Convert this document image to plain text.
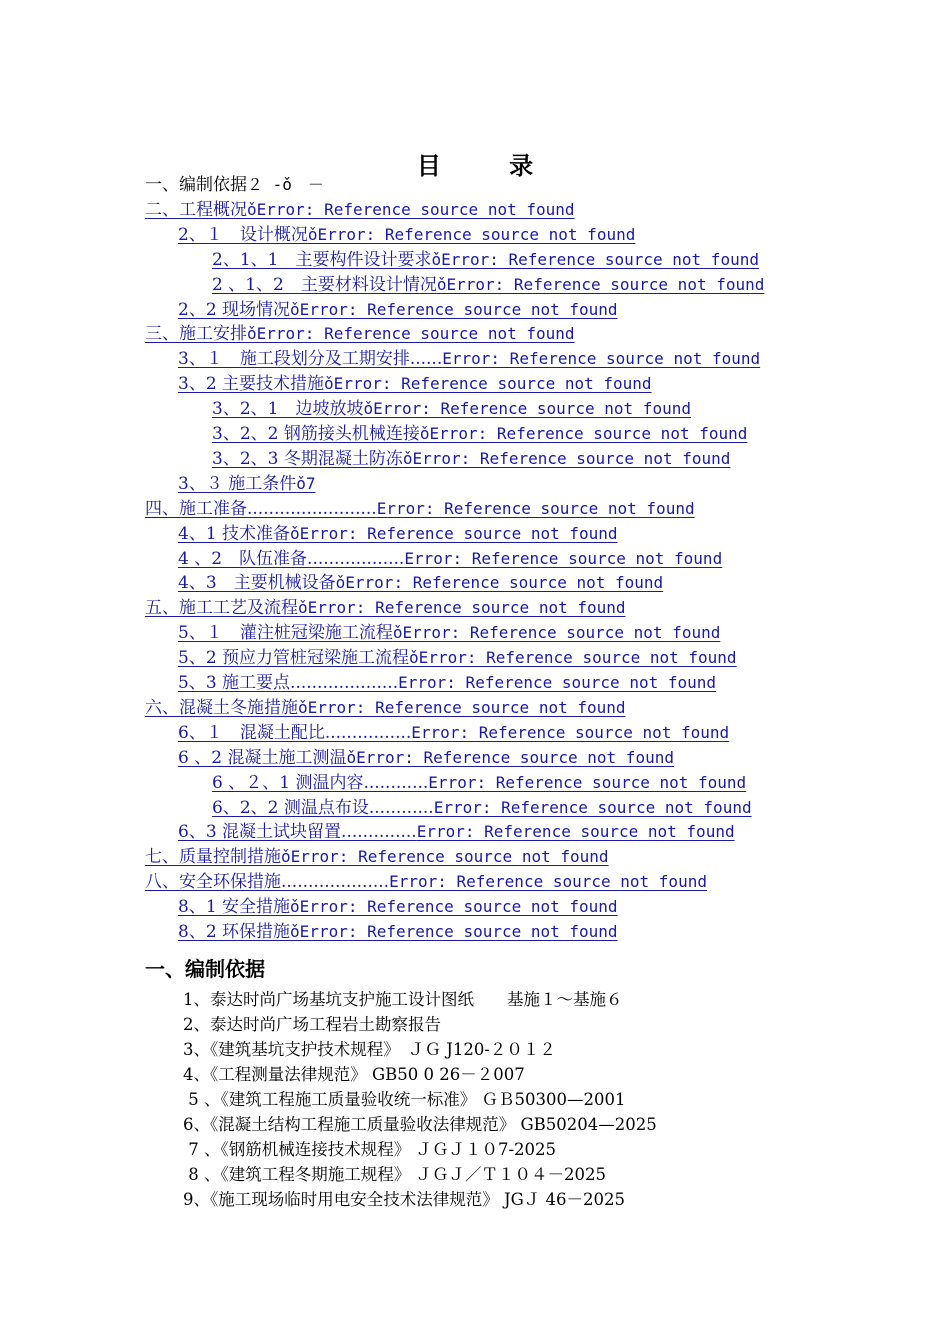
目 录
一、编制依据２ -ǒ　－
二、工程概况ǒError: Reference source not found
2、１　设计概况ǒError: Reference source not found
2、1、1　主要构件设计要求ǒError: Reference source not found
2 、1、2　主要材料设计情况ǒError: Reference source not found
2、2 现场情况ǒError: Reference source not found
三、施工安排ǒError: Reference source not found
3、１　施工段划分及工期安排......Error: Reference source not found
3、2 主要技术措施ǒError: Reference source not found
3、2、1　边坡放坡ǒError: Reference source not found
3、2、2 钢筋接头机械连接ǒError: Reference source not found
3、2、3 冬期混凝土防冻ǒError: Reference source not found
3、３ 施工条件ǒ7
四、施工准备........................Error: Reference source not found
4、1 技术准备ǒError: Reference source not found
4 、2　队伍准备..................Error: Reference source not found
4、3　主要机械设备ǒError: Reference source not found
五、施工工艺及流程ǒError: Reference source not found
5、１　灌注桩冠梁施工流程ǒError: Reference source not found
5、2 预应力管桩冠梁施工流程ǒError: Reference source not found
5、3 施工要点....................Error: Reference source not found
六、混凝土冬施措施ǒError: Reference source not found
6、１　混凝土配比................Error: Reference source not found
6 、2 混凝土施工测温ǒError: Reference source not found
6 、２、1 测温内容............Error: Reference source not found
6、2、2 测温点布设............Error: Reference source not found
6、3 混凝土试块留置..............Error: Reference source not found
七、质量控制措施ǒError: Reference source not found
八、安全环保措施....................Error: Reference source not found
8、1 安全措施ǒError: Reference source not found
8、2 环保措施ǒError: Reference source not found
一、编制依据
1、泰达时尚广场基坑支护施工设计图纸　　基施１～基施６
2、泰达时尚广场工程岩土勘察报告
3、《建筑基坑支护技术规程》　ＪＧ J120-２０１２
4、《工程测量法律规范》 GB50 0 26－２007
5 、《建筑工程施工质量验收统一标准》 ＧＢ50300—2001
6、《混凝土结构工程施工质量验收法律规范》 GB50204—2025
7 、《钢筋机械连接技术规程》 ＪＧＪ１０7-2025
8 、《建筑工程冬期施工规程》 ＪＧＪ／Ｔ１０４－2025
9、《施工现场临时用电安全技术法律规范》 JGＪ 46－2025
